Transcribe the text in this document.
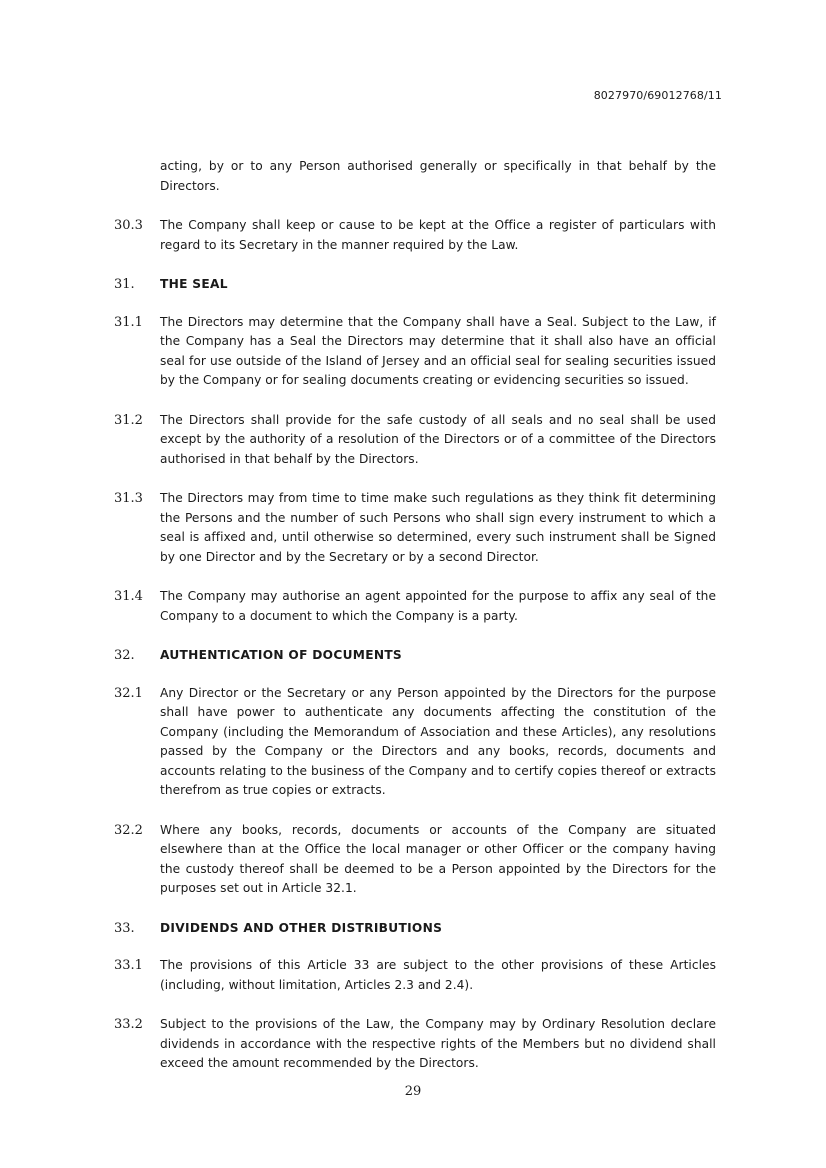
8027970/69012768/11
acting, by or to any Person authorised generally or specifically in that behalf by the Directors.
30.3 The Company shall keep or cause to be kept at the Office a register of particulars with regard to its Secretary in the manner required by the Law.
31. THE SEAL
31.1 The Directors may determine that the Company shall have a Seal. Subject to the Law, if the Company has a Seal the Directors may determine that it shall also have an official seal for use outside of the Island of Jersey and an official seal for sealing securities issued by the Company or for sealing documents creating or evidencing securities so issued.
31.2 The Directors shall provide for the safe custody of all seals and no seal shall be used except by the authority of a resolution of the Directors or of a committee of the Directors authorised in that behalf by the Directors.
31.3 The Directors may from time to time make such regulations as they think fit determining the Persons and the number of such Persons who shall sign every instrument to which a seal is affixed and, until otherwise so determined, every such instrument shall be Signed by one Director and by the Secretary or by a second Director.
31.4 The Company may authorise an agent appointed for the purpose to affix any seal of the Company to a document to which the Company is a party.
32. AUTHENTICATION OF DOCUMENTS
32.1 Any Director or the Secretary or any Person appointed by the Directors for the purpose shall have power to authenticate any documents affecting the constitution of the Company (including the Memorandum of Association and these Articles), any resolutions passed by the Company or the Directors and any books, records, documents and accounts relating to the business of the Company and to certify copies thereof or extracts therefrom as true copies or extracts.
32.2 Where any books, records, documents or accounts of the Company are situated elsewhere than at the Office the local manager or other Officer or the company having the custody thereof shall be deemed to be a Person appointed by the Directors for the purposes set out in Article 32.1.
33. DIVIDENDS AND OTHER DISTRIBUTIONS
33.1 The provisions of this Article 33 are subject to the other provisions of these Articles (including, without limitation, Articles 2.3 and 2.4).
33.2 Subject to the provisions of the Law, the Company may by Ordinary Resolution declare dividends in accordance with the respective rights of the Members but no dividend shall exceed the amount recommended by the Directors.
29
